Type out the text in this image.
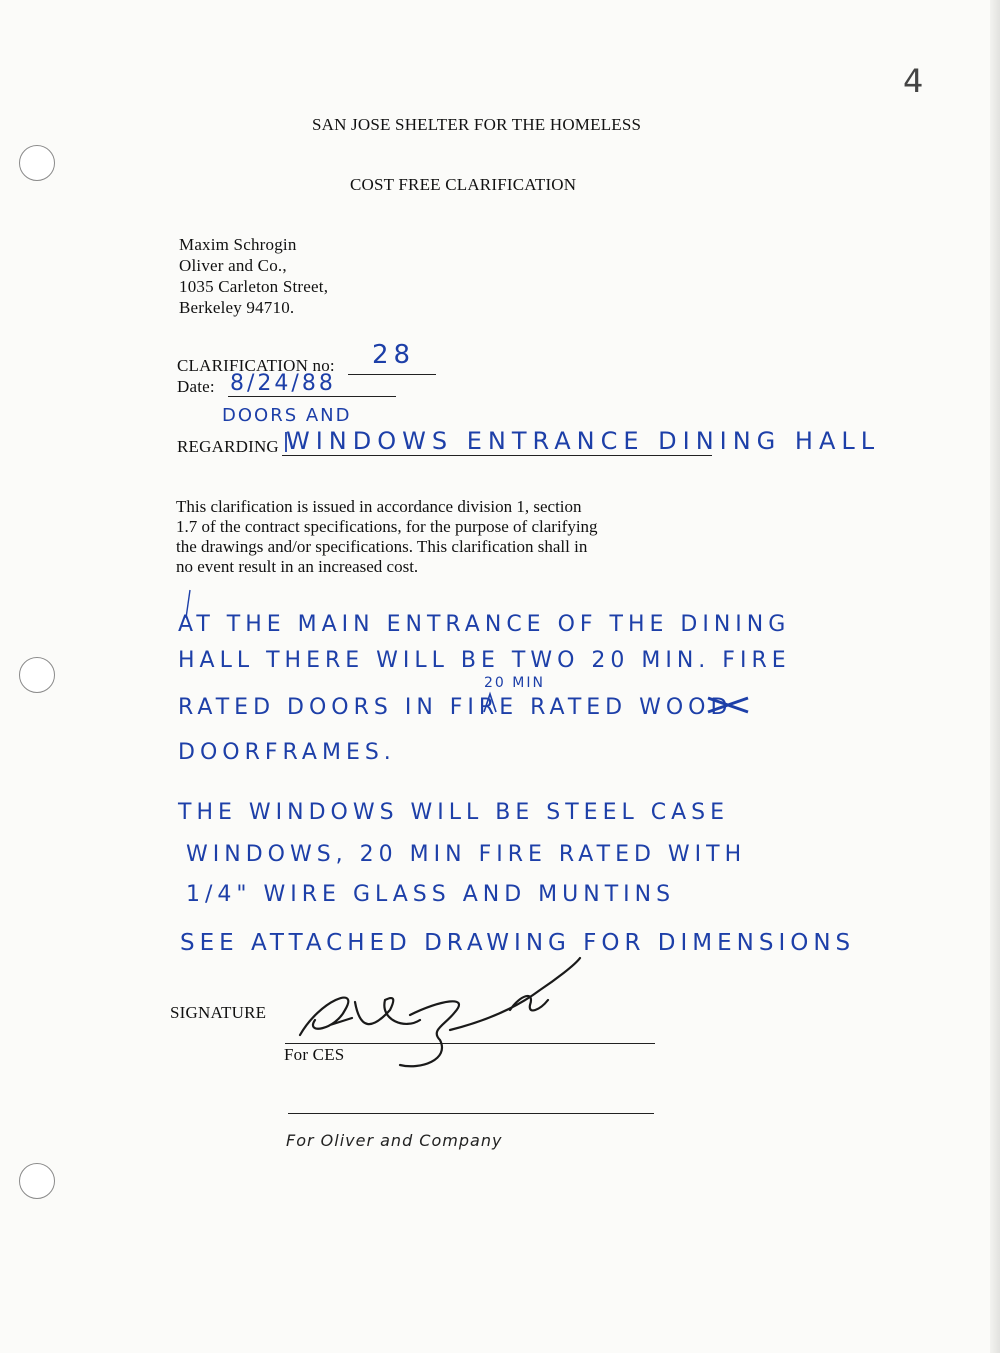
4
SAN JOSE SHELTER FOR THE HOMELESS
COST FREE CLARIFICATION
Maxim Schrogin
Oliver and Co.,
1035 Carleton Street,
Berkeley 94710.
CLARIFICATION no: 28
Date: 8/24/88
DOORS AND
REGARDING WINDOWS ENTRANCE DINING HALL
This clarification is issued in accordance division 1, section
1.7 of the contract specifications, for the purpose of clarifying
the drawings and/or specifications. This clarification shall in
no event result in an increased cost.
AT THE MAIN ENTRANCE OF THE DINING
HALL THERE WILL BE TWO 20 MIN. FIRE
20 MIN
RATED DOORS IN FIRE RATED WOOD
DOORFRAMES.
THE WINDOWS WILL BE STEEL CASE
WINDOWS, 20 MIN FIRE RATED WITH
1/4" WIRE GLASS AND MUNTINS
SEE ATTACHED DRAWING FOR DIMENSIONS
SIGNATURE
For CES
For Oliver and Company
